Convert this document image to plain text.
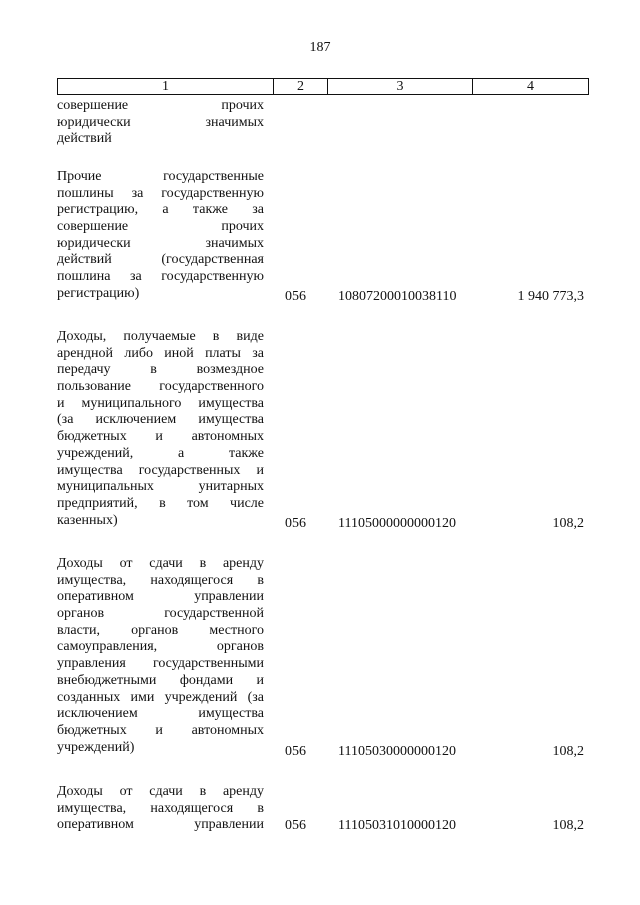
187
1	2	3	4
совершение прочих
юридически значимых
действий
Прочие государственные
пошлины за государственную
регистрацию, а также за
совершение прочих
юридически значимых
действий (государственная
пошлина за государственную
регистрацию)	056	10807200010038110	1 940 773,3
Доходы, получаемые в виде
арендной либо иной платы за
передачу в возмездное
пользование государственного
и муниципального имущества
(за исключением имущества
бюджетных и автономных
учреждений, а также
имущества государственных и
муниципальных унитарных
предприятий, в том числе
казенных)	056	11105000000000120	108,2
Доходы от сдачи в аренду
имущества, находящегося в
оперативном управлении
органов государственной
власти, органов местного
самоуправления, органов
управления государственными
внебюджетными фондами и
созданных ими учреждений (за
исключением имущества
бюджетных и автономных
учреждений)	056	11105030000000120	108,2
Доходы от сдачи в аренду
имущества, находящегося в
оперативном управлении 056	11105031010000120	108,2
